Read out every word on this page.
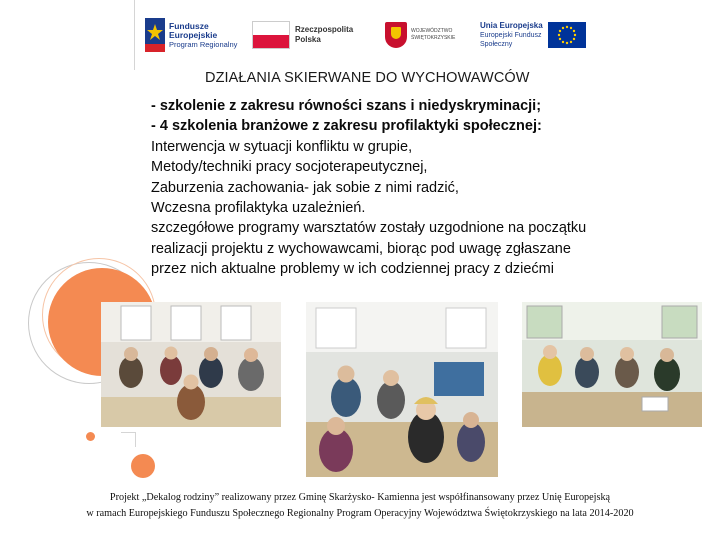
Fundusze
Europejskie
Program Regionalny
Rzeczpospolita
Polska
WOJEWÓDZTWO
ŚWIĘTOKRZYSKIE
Unia Europejska
Europejski Fundusz
Społeczny
DZIAŁANIA SKIERWANE DO WYCHOWAWCÓW

- szkolenie z zakresu równości szans i niedyskryminacji;

- 4 szkolenia branżowe z zakresu profilaktyki społecznej:

Interwencja w sytuacji konfliktu w grupie,

Metody/techniki pracy socjoterapeutycznej,

Zaburzenia zachowania- jak sobie z nimi radzić,

Wczesna profilaktyka uzależnień.

szczegółowe programy warsztatów zostały uzgodnione na początku

realizacji projektu z wychowawcami, biorąc pod uwagę zgłaszane

przez nich aktualne problemy w ich codziennej pracy z dziećmi

Projekt „Dekalog rodziny” realizowany przez Gminę Skarżysko- Kamienna jest współfinansowany przez Unię Europejską

w ramach Europejskiego Funduszu Społecznego Regionalny Program Operacyjny Województwa Świętokrzyskiego na lata 2014-2020
